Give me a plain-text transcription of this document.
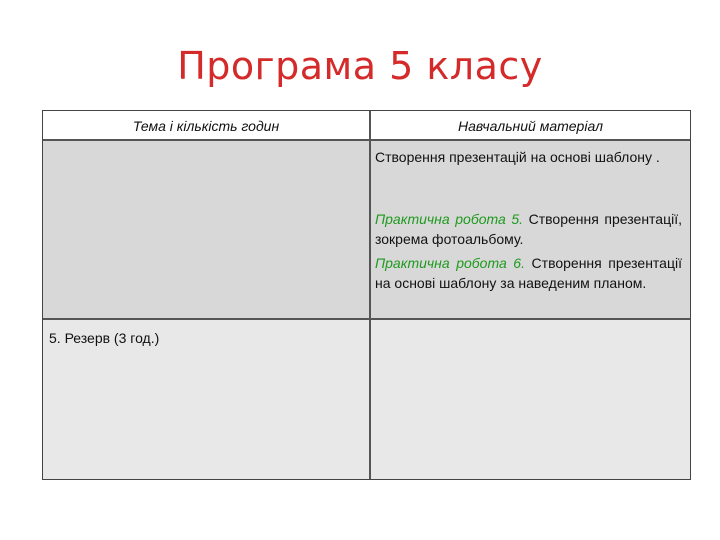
Програма 5 класу
Тема і кількість годин	Навчальний матеріал
Створення презентацій на основі шаблону .
Практична робота 5. Створення презентації, зокрема фотоальбому.
Практична робота 6. Створення презентації на основі шаблону за наведеним планом.
5. Резерв (3 год.)
